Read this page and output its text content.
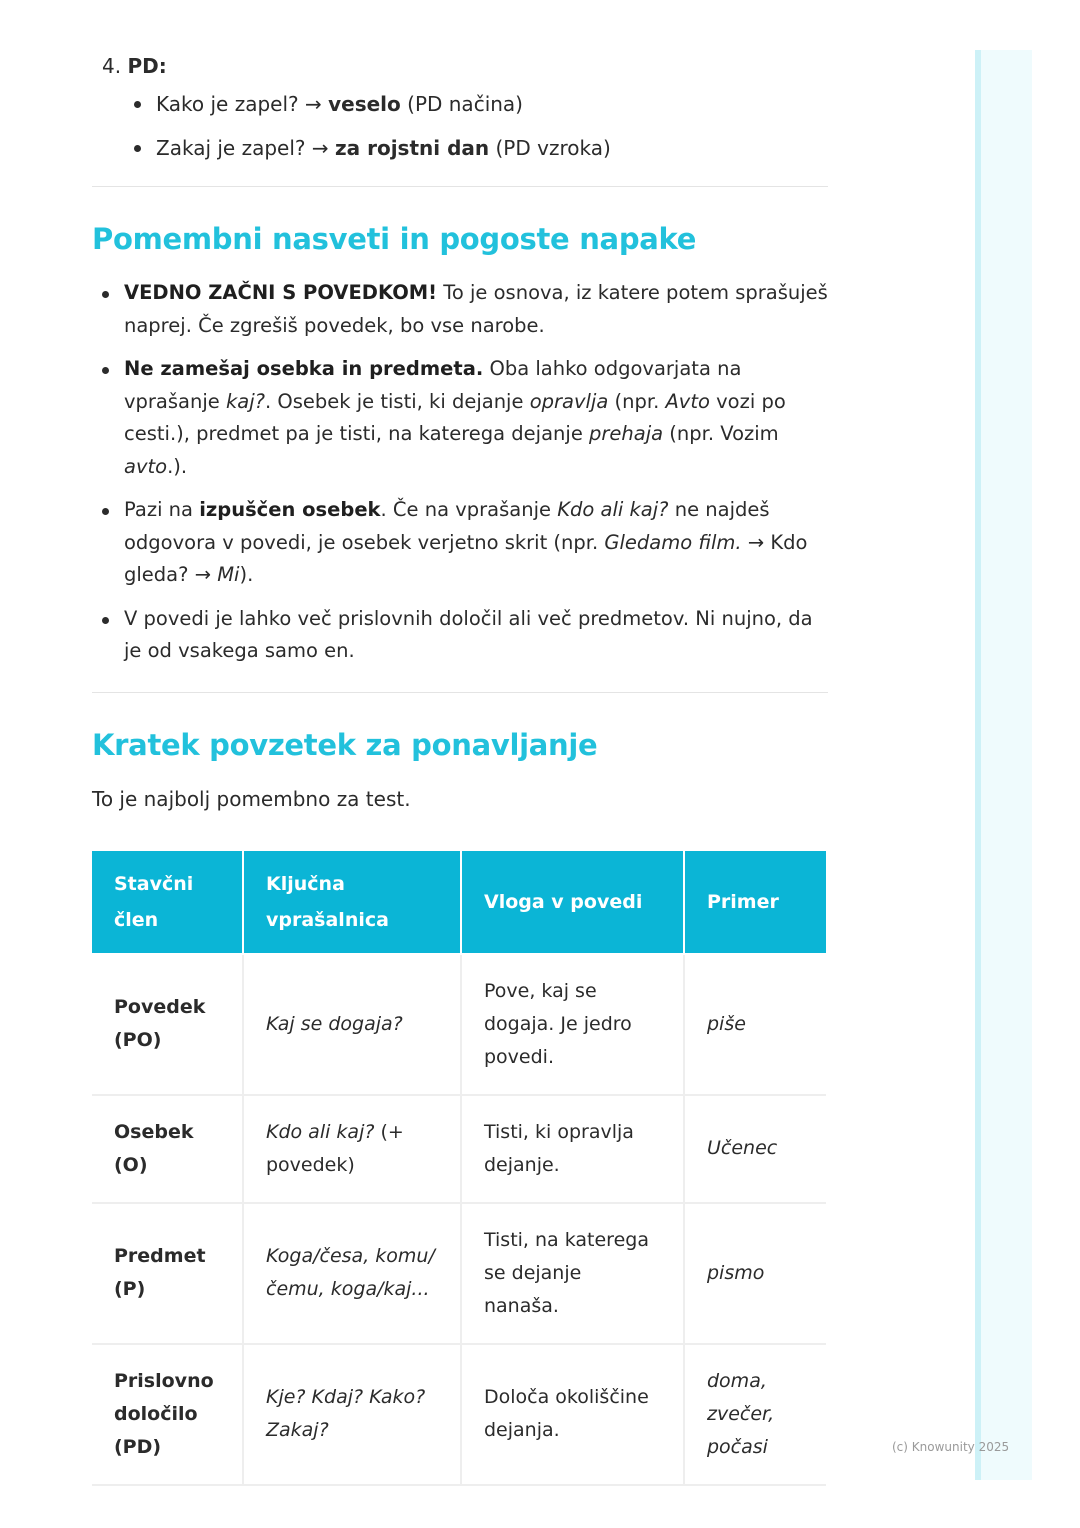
4. PD:
Kako je zapel? → veselo (PD načina)
Zakaj je zapel? → za rojstni dan (PD vzroka)
Pomembni nasveti in pogoste napake
VEDNO ZAČNI S POVEDKOM! To je osnova, iz katere potem sprašuješ naprej. Če zgrešiš povedek, bo vse narobe.
Ne zamešaj osebka in predmeta. Oba lahko odgovarjata na vprašanje kaj?. Osebek je tisti, ki dejanje opravlja (npr. Avto vozi po cesti.), predmet pa je tisti, na katerega dejanje prehaja (npr. Vozim avto.).
Pazi na izpuščen osebek. Če na vprašanje Kdo ali kaj? ne najdeš odgovora v povedi, je osebek verjetno skrit (npr. Gledamo film. → Kdo gleda? → Mi).
V povedi je lahko več prislovnih določil ali več predmetov. Ni nujno, da je od vsakega samo en.
Kratek povzetek za ponavljanje

To je najbolj pomembno za test.

Stavčni člen	Ključna vprašalnica	Vloga v povedi	Primer
Povedek (PO)	Kaj se dogaja?	Pove, kaj se dogaja. Je jedro povedi.	piše
Osebek (O)	Kdo ali kaj? (+ povedek)	Tisti, ki opravlja dejanje.	Učenec
Predmet (P)	Koga/česa, komu/čemu, koga/kaj...	Tisti, na katerega se dejanje nanaša.	pismo
Prislovno določilo (PD)	Kje? Kdaj? Kako? Zakaj?	Določa okoliščine dejanja.	doma, zvečer, počasi	(c) Knowunity 2025
